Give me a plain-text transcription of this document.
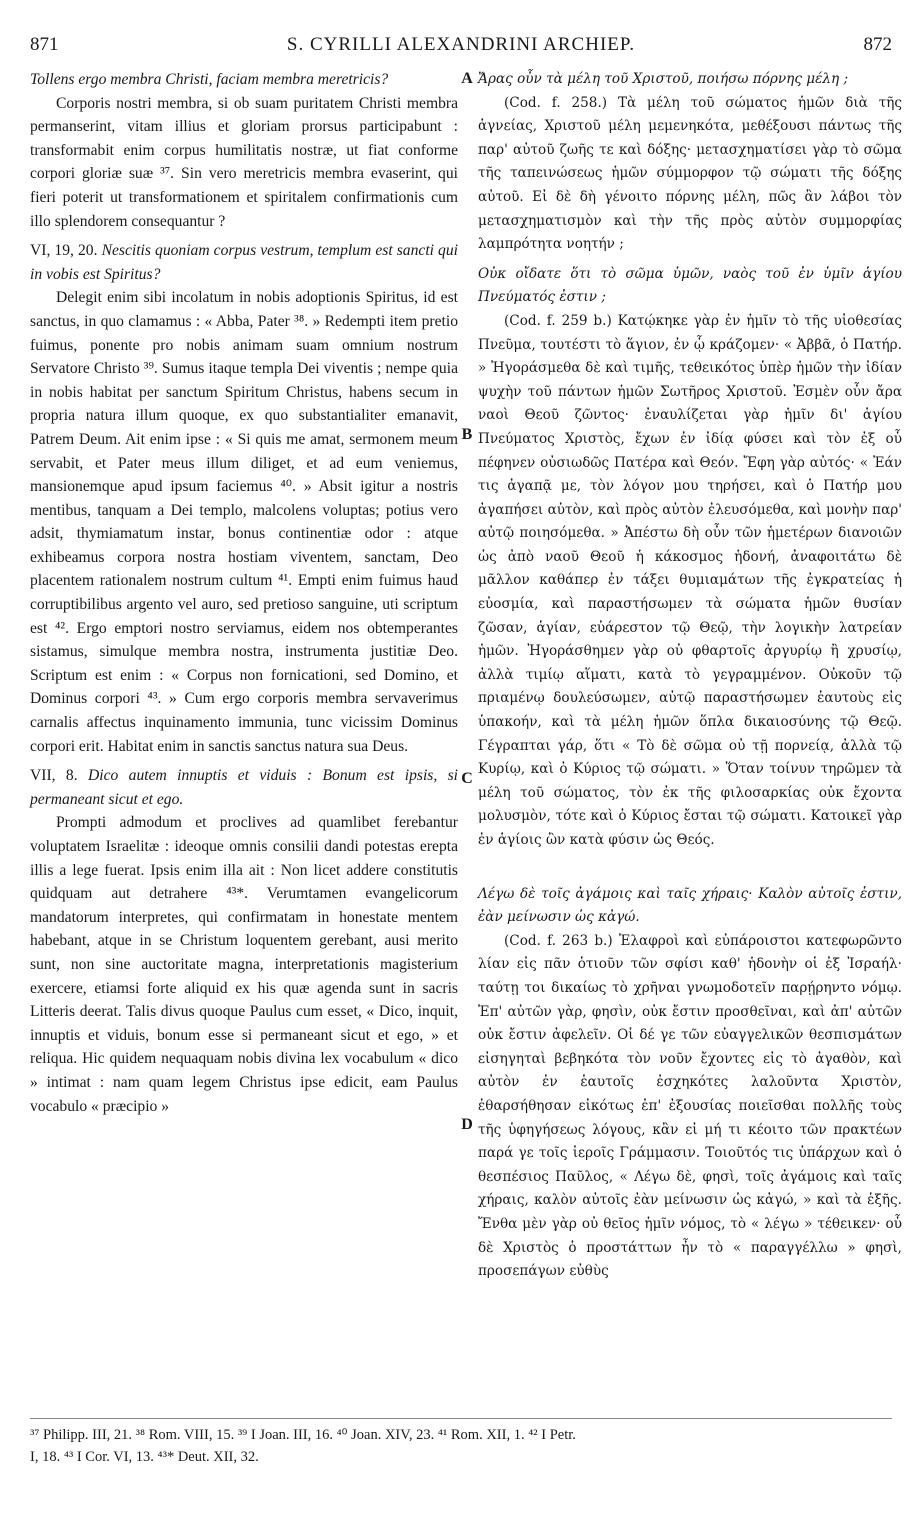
871	S. CYRILLI ALEXANDRINI ARCHIEP.	872
A
B
C
D

Tollens ergo membra Christi, faciam membra meretricis?

Corporis nostri membra, si ob suam puritatem Christi membra permanserint, vitam illius et gloriam prorsus participabunt : transformabit enim corpus humilitatis nostræ, ut fiat conforme corpori gloriæ suæ ³⁷. Sin vero meretricis membra evaserint, qui fieri poterit ut transformationem et spiritalem confirmationis cum illo splendorem consequantur ?

VI, 19, 20. Nescitis quoniam corpus vestrum, templum est sancti qui in vobis est Spiritus?

Delegit enim sibi incolatum in nobis adoptionis Spiritus, id est sanctus, in quo clamamus : « Abba, Pater ³⁸. » Redempti item pretio fuimus, ponente pro nobis animam suam omnium nostrum Servatore Christo ³⁹. Sumus itaque templa Dei viventis ; nempe quia in nobis habitat per sanctum Spiritum Christus, habens secum in propria natura illum quoque, ex quo substantialiter emanavit, Patrem Deum. Ait enim ipse : « Si quis me amat, sermonem meum servabit, et Pater meus illum diliget, et ad eum veniemus, mansionemque apud ipsum faciemus ⁴⁰. » Absit igitur a nostris mentibus, tanquam a Dei templo, malcolens voluptas; potius vero adsit, thymiamatum instar, bonus continentiæ odor : atque exhibeamus corpora nostra hostiam viventem, sanctam, Deo placentem rationalem nostrum cultum ⁴¹. Empti enim fuimus haud corruptibilibus argento vel auro, sed pretioso sanguine, uti scriptum est ⁴². Ergo emptori nostro serviamus, eidem nos obtemperantes sistamus, simulque membra nostra, instrumenta justitiæ Deo. Scriptum est enim : « Corpus non fornicationi, sed Domino, et Dominus corpori ⁴³. » Cum ergo corporis membra servaverimus carnalis affectus inquinamento immunia, tunc vicissim Dominus corpori erit. Habitat enim in sanctis sanctus natura sua Deus.

VII, 8. Dico autem innuptis et viduis : Bonum est ipsis, si permaneant sicut et ego.

Prompti admodum et proclives ad quamlibet ferebantur voluptatem Israelitæ : ideoque omnis consilii dandi potestas erepta illis a lege fuerat. Ipsis enim illa ait : Non licet addere constitutis quidquam aut detrahere ⁴³*. Verumtamen evangelicorum mandatorum interpretes, qui confirmatam in honestate mentem habebant, atque in se Christum loquentem gerebant, ausi merito sunt, non sine auctoritate magna, interpretationis magisterium exercere, etiamsi forte aliquid ex his quæ agenda sunt in sacris Litteris deerat. Talis divus quoque Paulus cum esset, « Dico, inquit, innuptis et viduis, bonum esse si permaneant sicut et ego, » et reliqua. Hic quidem nequaquam nobis divina lex vocabulum « dico » intimat : nam quam legem Christus ipse edicit, eam Paulus vocabulo « præcipio »

Ἄρας οὖν τὰ μέλη τοῦ Χριστοῦ, ποιήσω πόρνης μέλη ;

(Cod. f. 258.) Τὰ μέλη τοῦ σώματος ἡμῶν διὰ τῆς ἁγνείας, Χριστοῦ μέλη μεμενηκότα, μεθέξουσι πάντως τῆς παρ' αὐτοῦ ζωῆς τε καὶ δόξης· μετασχηματίσει γὰρ τὸ σῶμα τῆς ταπεινώσεως ἡμῶν σύμμορφον τῷ σώματι τῆς δόξης αὐτοῦ. Εἰ δὲ δὴ γένοιτο πόρνης μέλη, πῶς ἂν λάβοι τὸν μετασχηματισμὸν καὶ τὴν τῆς πρὸς αὐτὸν συμμορφίας λαμπρότητα νοητήν ;

Οὐκ οἴδατε ὅτι τὸ σῶμα ὑμῶν, ναὸς τοῦ ἐν ὑμῖν ἁγίου Πνεύματός ἐστιν ;

(Cod. f. 259 b.) Κατῴκηκε γὰρ ἐν ἡμῖν τὸ τῆς υἱοθεσίας Πνεῦμα, τουτέστι τὸ ἅγιον, ἐν ᾧ κράζομεν· « Ἀββᾶ, ὁ Πατήρ. » Ἠγοράσμεθα δὲ καὶ τιμῆς, τεθεικότος ὑπὲρ ἡμῶν τὴν ἰδίαν ψυχὴν τοῦ πάντων ἡμῶν Σωτῆρος Χριστοῦ. Ἐσμὲν οὖν ἄρα ναοὶ Θεοῦ ζῶντος· ἐναυλίζεται γὰρ ἡμῖν δι' ἁγίου Πνεύματος Χριστὸς, ἔχων ἐν ἰδίᾳ φύσει καὶ τὸν ἐξ οὗ πέφηνεν οὐσιωδῶς Πατέρα καὶ Θεόν. Ἔφη γὰρ αὐτός· « Ἐάν τις ἀγαπᾷ με, τὸν λόγον μου τηρήσει, καὶ ὁ Πατήρ μου ἀγαπήσει αὐτὸν, καὶ πρὸς αὐτὸν ἐλευσόμεθα, καὶ μονὴν παρ' αὐτῷ ποιησόμεθα. » Ἀπέστω δὴ οὖν τῶν ἡμετέρων διανοιῶν ὡς ἀπὸ ναοῦ Θεοῦ ἡ κάκοσμος ἡδονή, ἀναφοιτάτω δὲ μᾶλλον καθάπερ ἐν τάξει θυμιαμάτων τῆς ἐγκρατείας ἡ εὐοσμία, καὶ παραστήσωμεν τὰ σώματα ἡμῶν θυσίαν ζῶσαν, ἁγίαν, εὐάρεστον τῷ Θεῷ, τὴν λογικὴν λατρείαν ἡμῶν. Ἠγοράσθημεν γὰρ οὐ φθαρτοῖς ἀργυρίῳ ἢ χρυσίῳ, ἀλλὰ τιμίῳ αἵματι, κατὰ τὸ γεγραμμένον. Οὐκοῦν τῷ πριαμένῳ δουλεύσωμεν, αὐτῷ παραστήσωμεν ἑαυτοὺς εἰς ὑπακοήν, καὶ τὰ μέλη ἡμῶν ὅπλα δικαιοσύνης τῷ Θεῷ. Γέγραπται γάρ, ὅτι « Τὸ δὲ σῶμα οὐ τῇ πορνείᾳ, ἀλλὰ τῷ Κυρίῳ, καὶ ὁ Κύριος τῷ σώματι. » Ὅταν τοίνυν τηρῶμεν τὰ μέλη τοῦ σώματος, τὸν ἐκ τῆς φιλοσαρκίας οὐκ ἔχοντα μολυσμὸν, τότε καὶ ὁ Κύριος ἔσται τῷ σώματι. Κατοικεῖ γὰρ ἐν ἁγίοις ὢν κατὰ φύσιν ὡς Θεός.

Λέγω δὲ τοῖς ἀγάμοις καὶ ταῖς χήραις· Καλὸν αὐτοῖς ἐστιν, ἐὰν μείνωσιν ὡς κἀγώ.

(Cod. f. 263 b.) Ἐλαφροὶ καὶ εὐπάροιστοι κατεφωρῶντο λίαν εἰς πᾶν ὁτιοῦν τῶν σφίσι καθ' ἡδονὴν οἱ ἐξ Ἰσραήλ· ταύτῃ τοι δικαίως τὸ χρῆναι γνωμοδοτεῖν παρῄρηντο νόμῳ. Ἐπ' αὐτῶν γὰρ, φησὶν, οὐκ ἔστιν προσθεῖναι, καὶ ἀπ' αὐτῶν οὐκ ἔστιν ἀφελεῖν. Οἱ δέ γε τῶν εὐαγγελικῶν θεσπισμάτων εἰσηγηταὶ βεβηκότα τὸν νοῦν ἔχοντες εἰς τὸ ἀγαθὸν, καὶ αὐτὸν ἐν ἑαυτοῖς ἐσχηκότες λαλοῦντα Χριστὸν, ἐθαρσήθησαν εἰκότως ἐπ' ἐξουσίας ποιεῖσθαι πολλῆς τοὺς τῆς ὑφηγήσεως λόγους, κἂν εἰ μή τι κέοιτο τῶν πρακτέων παρά γε τοῖς ἱεροῖς Γράμμασιν. Τοιοῦτός τις ὑπάρχων καὶ ὁ θεσπέσιος Παῦλος, « Λέγω δὲ, φησὶ, τοῖς ἀγάμοις καὶ ταῖς χήραις, καλὸν αὐτοῖς ἐὰν μείνωσιν ὡς κἀγώ, » καὶ τὰ ἑξῆς. Ἔνθα μὲν γὰρ οὐ θεῖος ἡμῖν νόμος, τὸ « λέγω » τέθεικεν· οὗ δὲ Χριστὸς ὁ προστάττων ἦν τὸ « παραγγέλλω » φησὶ, προσεπάγων εὐθὺς

³⁷ Philipp. III, 21. ³⁸ Rom. VIII, 15. ³⁹ I Joan. III, 16. ⁴⁰ Joan. XIV, 23. ⁴¹ Rom. XII, 1. ⁴² I Petr.
I, 18. ⁴³ I Cor. VI, 13. ⁴³* Deut. XII, 32.
